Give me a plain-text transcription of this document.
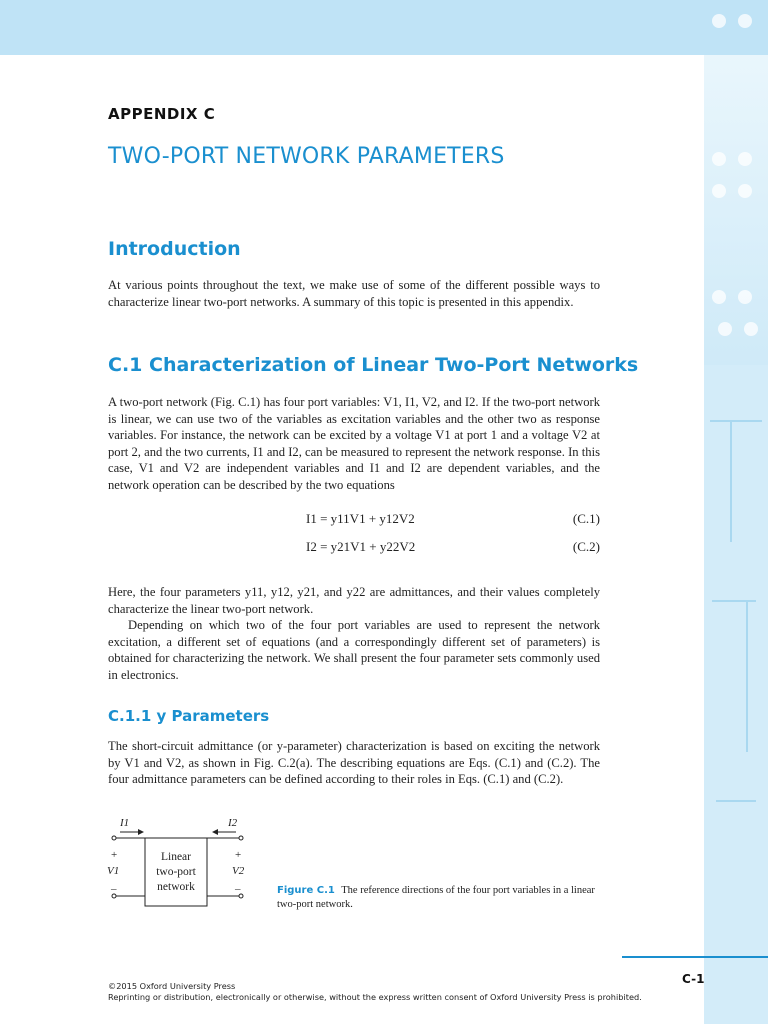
APPENDIX C
TWO-PORT NETWORK PARAMETERS
Introduction
At various points throughout the text, we make use of some of the different possible ways to characterize linear two-port networks. A summary of this topic is presented in this appendix.
C.1 Characterization of Linear Two-Port Networks
A two-port network (Fig. C.1) has four port variables: V1, I1, V2, and I2. If the two-port network is linear, we can use two of the variables as excitation variables and the other two as response variables. For instance, the network can be excited by a voltage V1 at port 1 and a voltage V2 at port 2, and the two currents, I1 and I2, can be measured to represent the network response. In this case, V1 and V2 are independent variables and I1 and I2 are dependent variables, and the network operation can be described by the two equations
I1 = y11V1 + y12V2	(C.1)
I2 = y21V1 + y22V2	(C.2)
Here, the four parameters y11, y12, y21, and y22 are admittances, and their values completely characterize the linear two-port network.
Depending on which two of the four port variables are used to represent the network excitation, a different set of equations (and a correspondingly different set of parameters) is obtained for characterizing the network. We shall present the four parameter sets commonly used in electronics.
C.1.1 y Parameters
The short-circuit admittance (or y-parameter) characterization is based on exciting the network by V1 and V2, as shown in Fig. C.2(a). The describing equations are Eqs. (C.1) and (C.2). The four admittance parameters can be defined according to their roles in Eqs. (C.1) and (C.2).
I1	I2
+
V1
–
+
V2
–
Linear
two-port
network	Figure C.1 The reference directions of the four port variables in a linear two-port network.
C-1
©2015 Oxford University Press
Reprinting or distribution, electronically or otherwise, without the express written consent of Oxford University Press is prohibited.
